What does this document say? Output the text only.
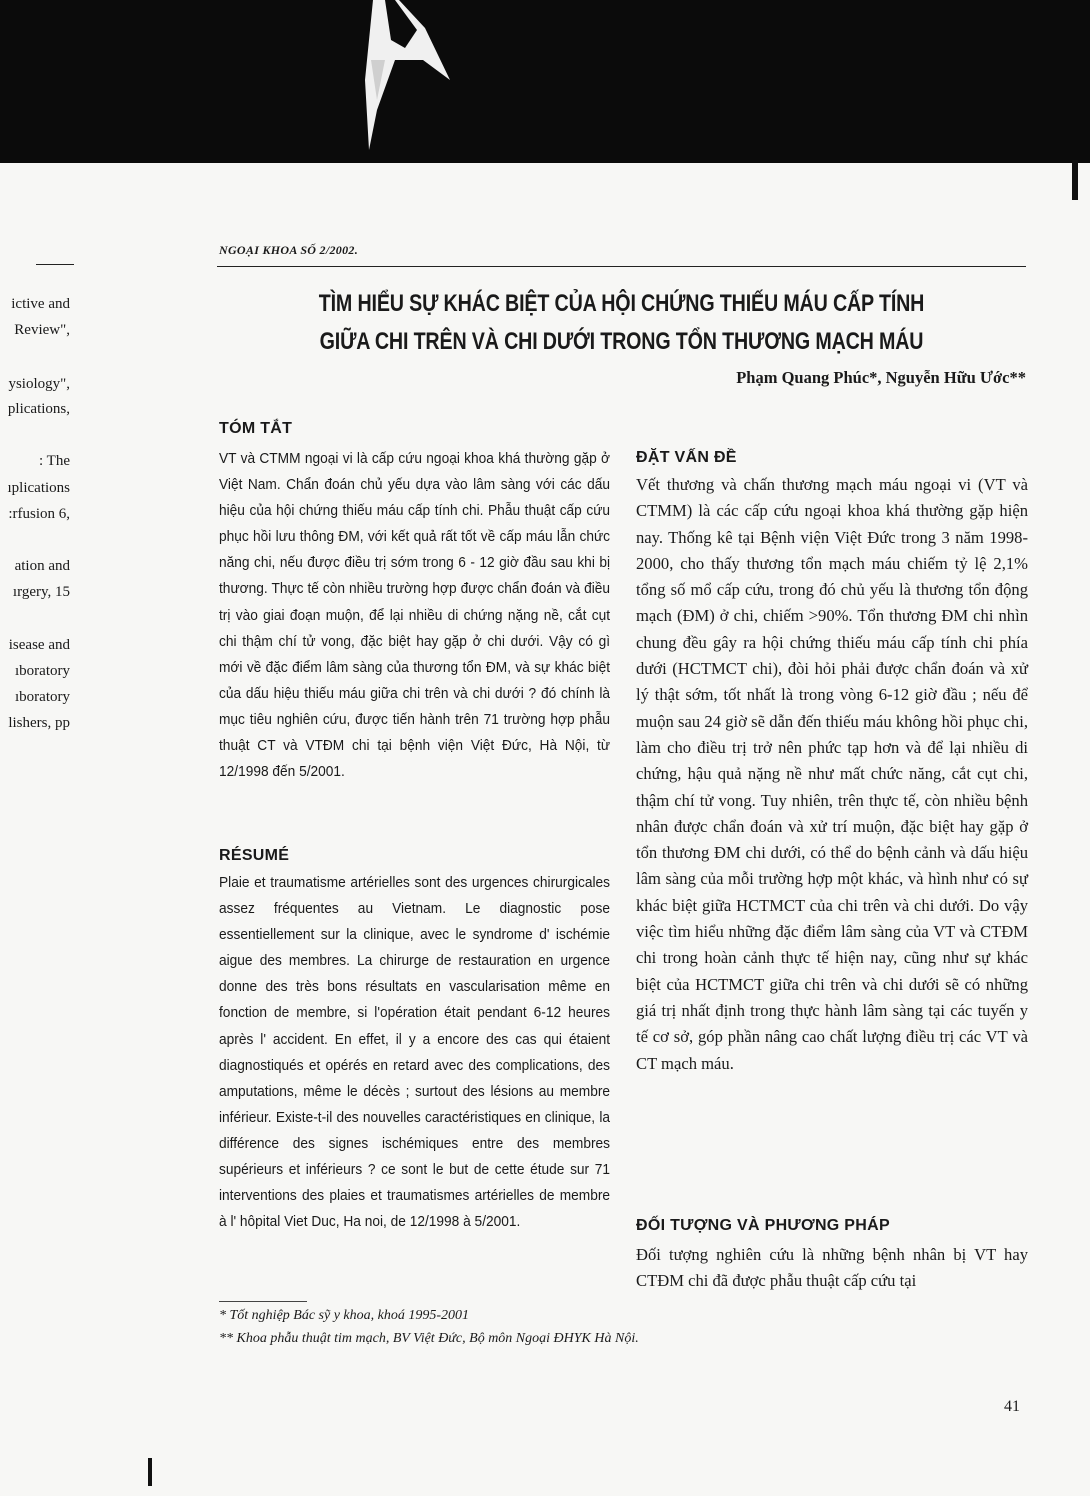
NGOẠI KHOA SỐ 2/2002.
ictive and
Review",
ysiology",
plications,
: The
ıplications
:rfusion 6,
ation and
ırgery, 15
isease and
ıboratory
ıboratory
lishers, pp
TÌM HIỂU SỰ KHÁC BIỆT CỦA HỘI CHỨNG THIẾU MÁU CẤP TÍNH
GIỮA CHI TRÊN VÀ CHI DƯỚI TRONG TỔN THƯƠNG MẠCH MÁU
Phạm Quang Phúc*, Nguyễn Hữu Ước**
TÓM TẮT
VT và CTMM ngoại vi là cấp cứu ngoại khoa khá thường gặp ở Việt Nam. Chẩn đoán chủ yếu dựa vào lâm sàng với các dấu hiệu của hội chứng thiếu máu cấp tính chi. Phẫu thuật cấp cứu phục hồi lưu thông ĐM, với kết quả rất tốt về cấp máu lẫn chức năng chi, nếu được điều trị sớm trong 6 - 12 giờ đầu sau khi bị thương. Thực tế còn nhiều trường hợp được chẩn đoán và điều trị vào giai đoạn muộn, để lại nhiều di chứng nặng nề, cắt cụt chi thậm chí tử vong, đặc biệt hay gặp ở chi dưới. Vậy có gì mới về đặc điểm lâm sàng của thương tổn ĐM, và sự khác biệt của dấu hiệu thiếu máu giữa chi trên và chi dưới ? đó chính là mục tiêu nghiên cứu, được tiến hành trên 71 trường hợp phẫu thuật CT và VTĐM chi tại bệnh viện Việt Đức, Hà Nội, từ 12/1998 đến 5/2001.
RÉSUMÉ
Plaie et traumatisme artérielles sont des urgences chirurgicales assez fréquentes au Vietnam. Le diagnostic pose essentiellement sur la clinique, avec le syndrome d' ischémie aigue des membres. La chirurge de restauration en urgence donne des très bons résultats en vascularisation même en fonction de membre, si l'opération était pendant 6-12 heures après l' accident. En effet, il y a encore des cas qui étaient diagnostiqués et opérés en retard avec des complications, des amputations, même le décès ; surtout des lésions au membre inférieur. Existe-t-il des nouvelles caractéristiques en clinique, la différence des signes ischémiques entre des membres supérieurs et inférieurs ? ce sont le but de cette étude sur 71 interventions des plaies et traumatismes artérielles de membre à l' hôpital Viet Duc, Ha noi, de 12/1998 à 5/2001.
ĐẶT VẤN ĐỀ
Vết thương và chấn thương mạch máu ngoại vi (VT và CTMM) là các cấp cứu ngoại khoa khá thường gặp hiện nay. Thống kê tại Bệnh viện Việt Đức trong 3 năm 1998-2000, cho thấy thương tổn mạch máu chiếm tỷ lệ 2,1% tổng số mổ cấp cứu, trong đó chủ yếu là thương tổn động mạch (ĐM) ở chi, chiếm >90%. Tổn thương ĐM chi nhìn chung đều gây ra hội chứng thiếu máu cấp tính chi phía dưới (HCTMCT chi), đòi hỏi phải được chẩn đoán và xử lý thật sớm, tốt nhất là trong vòng 6-12 giờ đầu ; nếu để muộn sau 24 giờ sẽ dẫn đến thiếu máu không hồi phục chi, làm cho điều trị trở nên phức tạp hơn và để lại nhiều di chứng, hậu quả nặng nề như mất chức năng, cắt cụt chi, thậm chí tử vong. Tuy nhiên, trên thực tế, còn nhiều bệnh nhân được chẩn đoán và xử trí muộn, đặc biệt hay gặp ở tổn thương ĐM chi dưới, có thể do bệnh cảnh và dấu hiệu lâm sàng của mỗi trường hợp một khác, và hình như có sự khác biệt giữa HCTMCT của chi trên và chi dưới. Do vậy việc tìm hiểu những đặc điểm lâm sàng của VT và CTĐM chi trong hoàn cảnh thực tế hiện nay, cũng như sự khác biệt của HCTMCT giữa chi trên và chi dưới sẽ có những giá trị nhất định trong thực hành lâm sàng tại các tuyến y tế cơ sở, góp phần nâng cao chất lượng điều trị các VT và CT mạch máu.
ĐỐI TƯỢNG VÀ PHƯƠNG PHÁP
Đối tượng nghiên cứu là những bệnh nhân bị VT hay CTĐM chi đã được phẫu thuật cấp cứu tại
* Tốt nghiệp Bác sỹ y khoa, khoá 1995-2001
** Khoa phẫu thuật tim mạch, BV Việt Đức, Bộ môn Ngoại ĐHYK Hà Nội.
41
